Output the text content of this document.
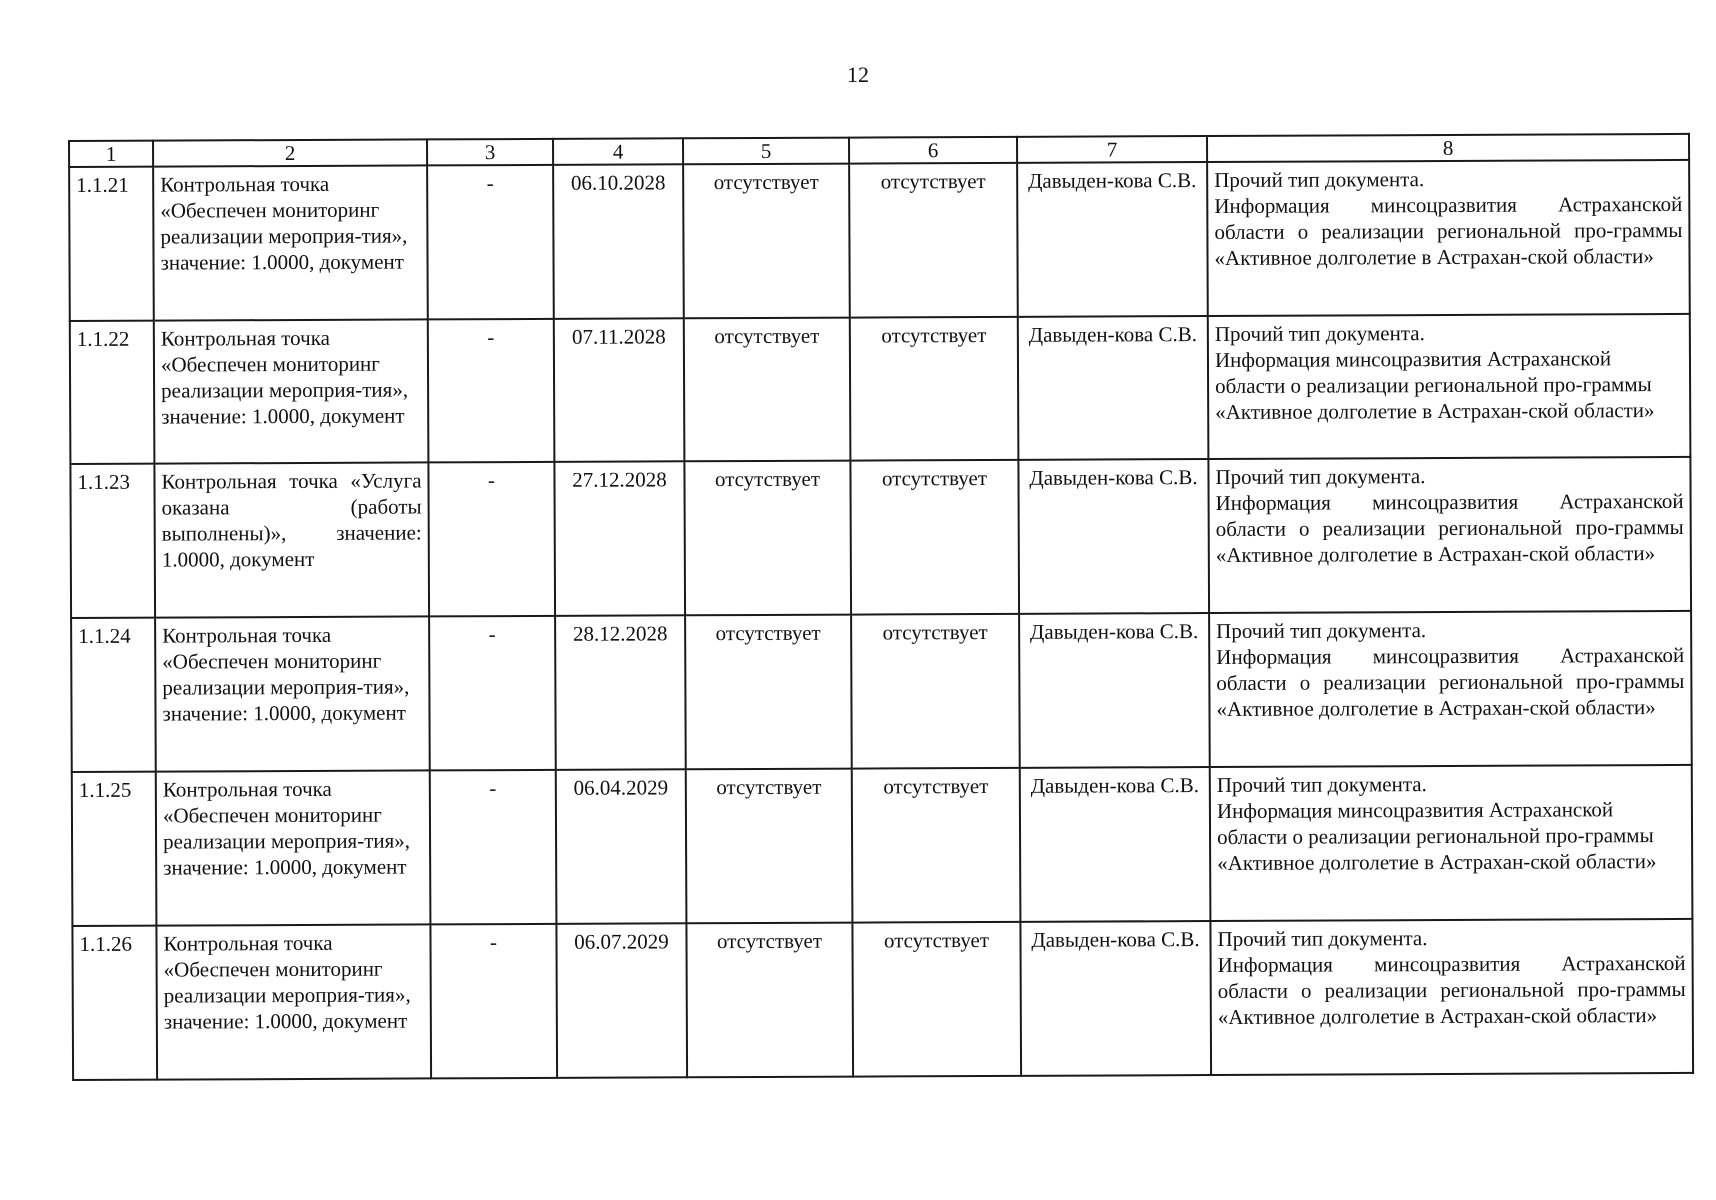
12
1	2	3	4	5	6	7	8
1.1.21	Контрольная точка «Обеспечен мониторинг реализации мероприя-тия», значение: 1.0000, документ	-	06.10.2028	отсутствует	отсутствует	Давыден-кова С.В.	Прочий тип документа.
Информация минсоцразвития Астраханской области о реализации региональной про-граммы «Активное долголетие в Астрахан-ской области»

1.1.22	Контрольная точка «Обеспечен мониторинг реализации мероприя-тия», значение: 1.0000, документ	-	07.11.2028	отсутствует	отсутствует	Давыден-кова С.В.	Прочий тип документа.
Информация минсоцразвития Астраханской области о реализации региональной про-граммы «Активное долголетие в Астрахан-ской области»

1.1.23	Контрольная точка «Услуга оказана (работы выполнены)», значение: 1.0000, документ	-	27.12.2028	отсутствует	отсутствует	Давыден-кова С.В.	Прочий тип документа.
Информация минсоцразвития Астраханской области о реализации региональной про-граммы «Активное долголетие в Астрахан-ской области»

1.1.24	Контрольная точка «Обеспечен мониторинг реализации мероприя-тия», значение: 1.0000, документ	-	28.12.2028	отсутствует	отсутствует	Давыден-кова С.В.	Прочий тип документа.
Информация минсоцразвития Астраханской области о реализации региональной про-граммы «Активное долголетие в Астрахан-ской области»

1.1.25	Контрольная точка «Обеспечен мониторинг реализации мероприя-тия», значение: 1.0000, документ	-	06.04.2029	отсутствует	отсутствует	Давыден-кова С.В.	Прочий тип документа.
Информация минсоцразвития Астраханской области о реализации региональной про-граммы «Активное долголетие в Астрахан-ской области»

1.1.26	Контрольная точка «Обеспечен мониторинг реализации мероприя-тия», значение: 1.0000, документ	-	06.07.2029	отсутствует	отсутствует	Давыден-кова С.В.	Прочий тип документа.
Информация минсоцразвития Астраханской области о реализации региональной про-граммы «Активное долголетие в Астрахан-ской области»
